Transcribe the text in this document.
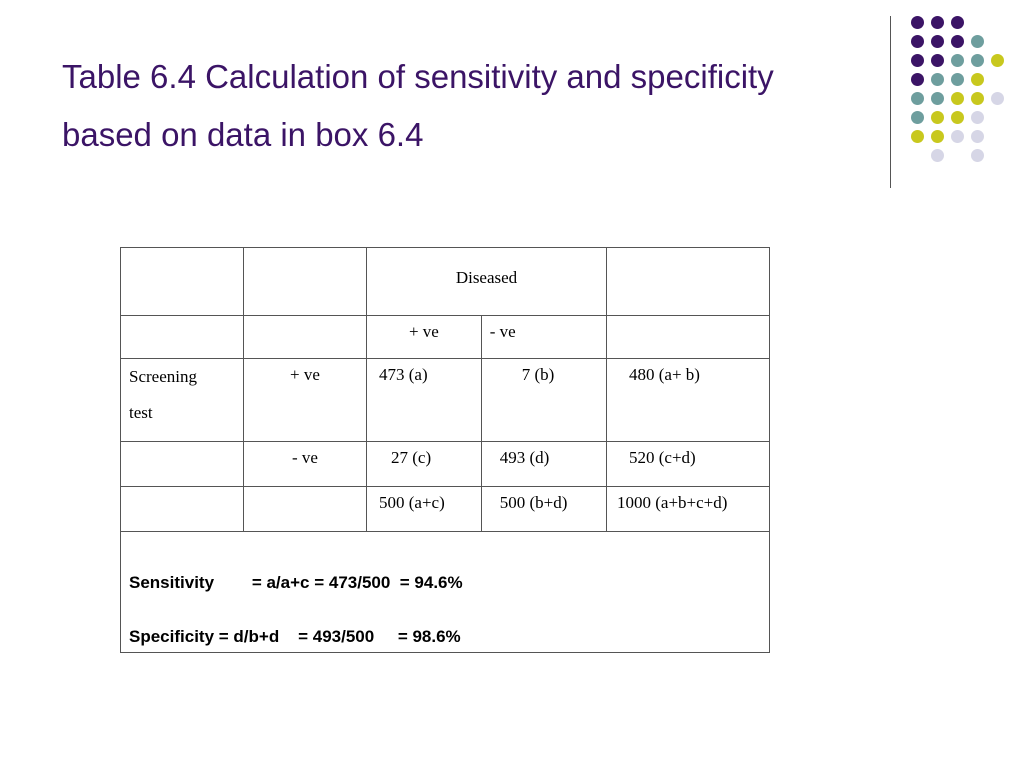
Table 6.4 Calculation of sensitivity and specificity
based on data in box 6.4
		Diseased		
		+ ve	- ve	
Screening
test	+ ve	473 (a)	7 (b)	480 (a+ b)
	- ve	27 (c)	493 (d)	520 (c+d)
		500 (a+c)	500 (b+d)	1000 (a+b+c+d)

Sensitivity        = a/a+c = 473/500  = 94.6%
Specificity = d/b+d    = 493/500     = 98.6%				
